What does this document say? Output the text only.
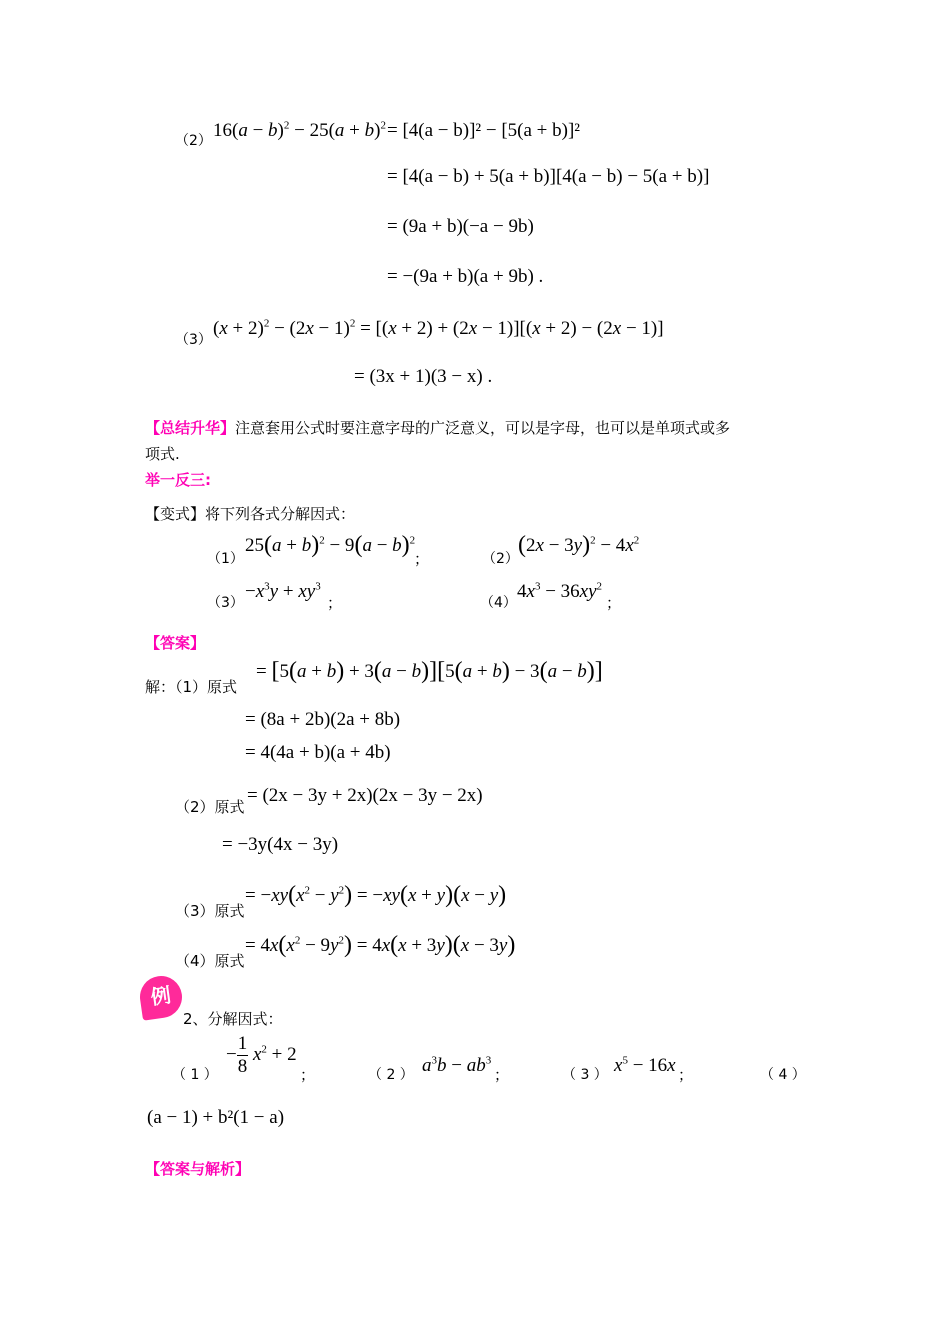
（2） $16(a - b)^2 - 25(a + b)^2 = [4(a - b)]^2 - [5(a + b)]^2$
= [4(a − b) + 5(a + b)][4(a − b) − 5(a + b)]
= (9a + b)(−a − 9b)
= −(9a + b)(a + 9b) .
（3）
$(x + 2)^2 - (2x - 1)^2 = [(x + 2) + (2x - 1)][(x + 2) - (2x - 1)]$
= (3x + 1)(3 − x) .
【总结升华】注意套用公式时要注意字母的广泛意义，可以是字母，也可以是单项式或多
项式.
举一反三:
【变式】将下列各式分解因式：
（1）
$25(a + b)^2 - 9(a - b)^2$
；	（2）
$(2x - 3y)^2 - 4x^2$
（3）
$-x^3y + xy^3$
；	（4）
$4x^3 - 36xy^2$
；
【答案】
解：（1）原式
= [5(a + b) + 3(a − b)][5(a + b) − 3(a − b)]
= (8a + 2b)(2a + 8b)
= 4(4a + b)(a + 4b)
（2）原式
= (2x − 3y + 2x)(2x − 3y − 2x)
= −3y(4x − 3y)
（3）原式
= $-xy(x^2 - y^2) = -xy(x + y)(x - y)$
（4）原式
= $4x(x^2 - 9y^2) = 4x(x + 3y)(x - 3y)$
例
2、分解因式：
（ 1 ）
− $\frac{1}{8} x^2 + 2$
；	（ 2 ） $a^3b - ab^3$
；	（ 3 ） $x^5 - 16x$ ；	（ 4 ）
(a − 1) + b²(1 − a)
【答案与解析】
